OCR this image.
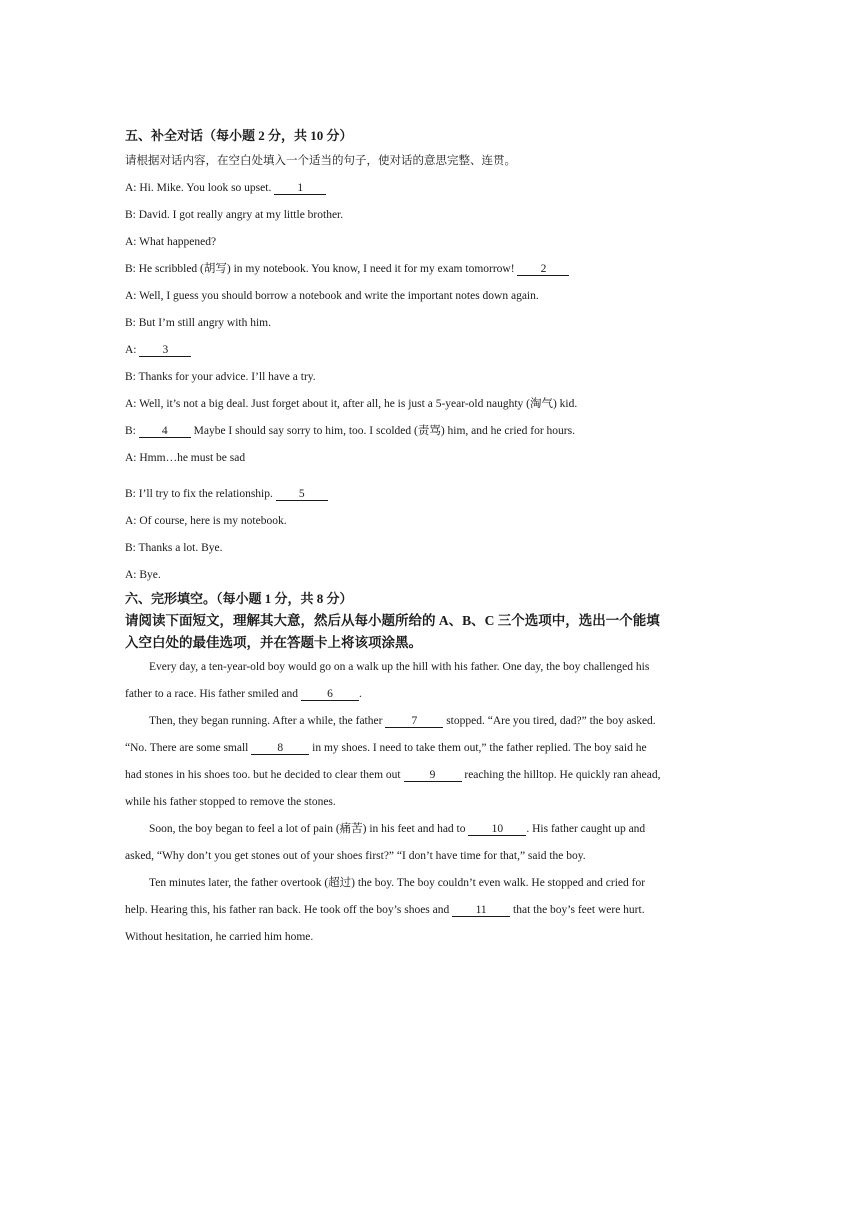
五、补全对话（每小题 2 分，共 10 分）
请根据对话内容，在空白处填入一个适当的句子，使对话的意思完整、连贯。
A: Hi. Mike. You look so upset. 1
B: David. I got really angry at my little brother.
A: What happened?
B: He scribbled (胡写) in my notebook. You know, I need it for my exam tomorrow! 2
A: Well, I guess you should borrow a notebook and write the important notes down again.
B: But I’m still angry with him.
A: 3
B: Thanks for your advice. I’ll have a try.
A: Well, it’s not a big deal. Just forget about it, after all, he is just a 5-year-old naughty (淘气) kid.
B: 4 Maybe I should say sorry to him, too. I scolded (责骂) him, and he cried for hours.
A: Hmm…he must be sad
B: I’ll try to fix the relationship. 5
A: Of course, here is my notebook.
B: Thanks a lot. Bye.
A: Bye.
六、完形填空。（每小题 1 分，共 8 分）
请阅读下面短文，理解其大意，然后从每小题所给的 A、B、C 三个选项中，选出一个能填
入空白处的最佳选项，并在答题卡上将该项涂黑。
Every day, a ten-year-old boy would go on a walk up the hill with his father. One day, the boy challenged his
father to a race. His father smiled and	6 .
Then, they began running. After a while, the father	7	stopped. “Are you tired, dad?” the boy asked.
“No. There are some small	8	in my shoes. I need to take them out,” the father replied. The boy said he
had stones in his shoes too. but he decided to clear them out	9	reaching the hilltop. He quickly ran ahead,
while his father stopped to remove the stones.
Soon, the boy began to feel a lot of pain (痛苦) in his feet and had to 10 . His father caught up and
asked, “Why don’t you get stones out of your shoes first?” “I don’t have time for that,” said the boy.
Ten minutes later, the father overtook (超过) the boy. The boy couldn’t even walk. He stopped and cried for
help. Hearing this, his father ran back. He took off the boy’s shoes and 11 that the boy’s feet were hurt.
Without hesitation, he carried him home.
